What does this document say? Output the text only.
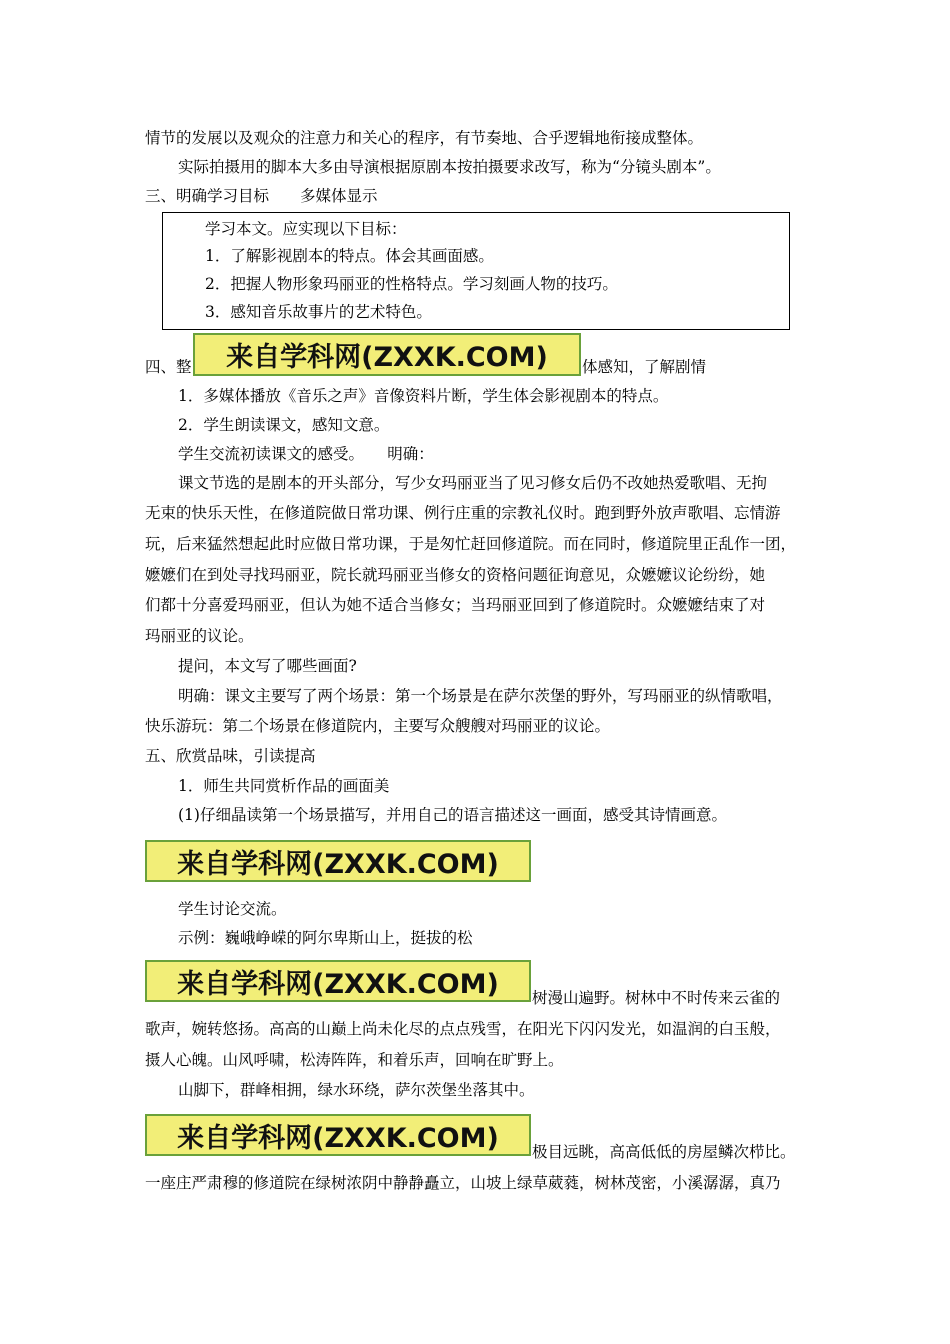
情节的发展以及观众的注意力和关心的程序，有节奏地、合乎逻辑地衔接成整体。
实际拍摄用的脚本大多由导演根据原剧本按拍摄要求改写，称为“分镜头剧本”。
三、明确学习目标　　多媒体显示
学习本文。应实现以下目标：
1．了解影视剧本的特点。体会其画面感。
2．把握人物形象玛丽亚的性格特点。学习刻画人物的技巧。
3．感知音乐故事片的艺术特色。
四、整 来自学科网(ZXXK.COM) 体感知，了解剧情
1．多媒体播放《音乐之声》音像资料片断，学生体会影视剧本的特点。
2．学生朗读课文，感知文意。
学生交流初读课文的感受。　　明确：
课文节选的是剧本的开头部分，写少女玛丽亚当了见习修女后仍不改她热爱歌唱、无拘
无束的快乐天性，在修道院做日常功课、例行庄重的宗教礼仪时。跑到野外放声歌唱、忘情游
玩，后来猛然想起此时应做日常功课，于是匆忙赶回修道院。而在同时，修道院里正乱作一团，
嬷嬷们在到处寻找玛丽亚，院长就玛丽亚当修女的资格问题征询意见，众嬷嬷议论纷纷，她
们都十分喜爱玛丽亚，但认为她不适合当修女；当玛丽亚回到了修道院时。众嬷嬷结束了对
玛丽亚的议论。
提问，本文写了哪些画面?
明确：课文主要写了两个场景：第一个场景是在萨尔茨堡的野外，写玛丽亚的纵情歌唱，
快乐游玩：第二个场景在修道院内，主要写众艘艘对玛丽亚的议论。
五、欣赏品味，引读提高
1．师生共同赏析作品的画面美
(1)仔细晶读第一个场景描写，并用自己的语言描述这一画面，感受其诗情画意。
来自学科网(ZXXK.COM)
学生讨论交流。
示例：巍峨峥嵘的阿尔卑斯山上，挺拔的松
来自学科网(ZXXK.COM) 树漫山遍野。树林中不时传来云雀的
歌声，婉转悠扬。高高的山巅上尚未化尽的点点残雪，在阳光下闪闪发光，如温润的白玉般，
摄人心魄。山风呼啸，松涛阵阵，和着乐声，回响在旷野上。
山脚下，群峰相拥，绿水环绕，萨尔茨堡坐落其中。
来自学科网(ZXXK.COM) 极目远眺，高高低低的房屋鳞次栉比。
一座庄严肃穆的修道院在绿树浓阴中静静矗立，山坡上绿草葳蕤，树林茂密，小溪潺潺，真乃
